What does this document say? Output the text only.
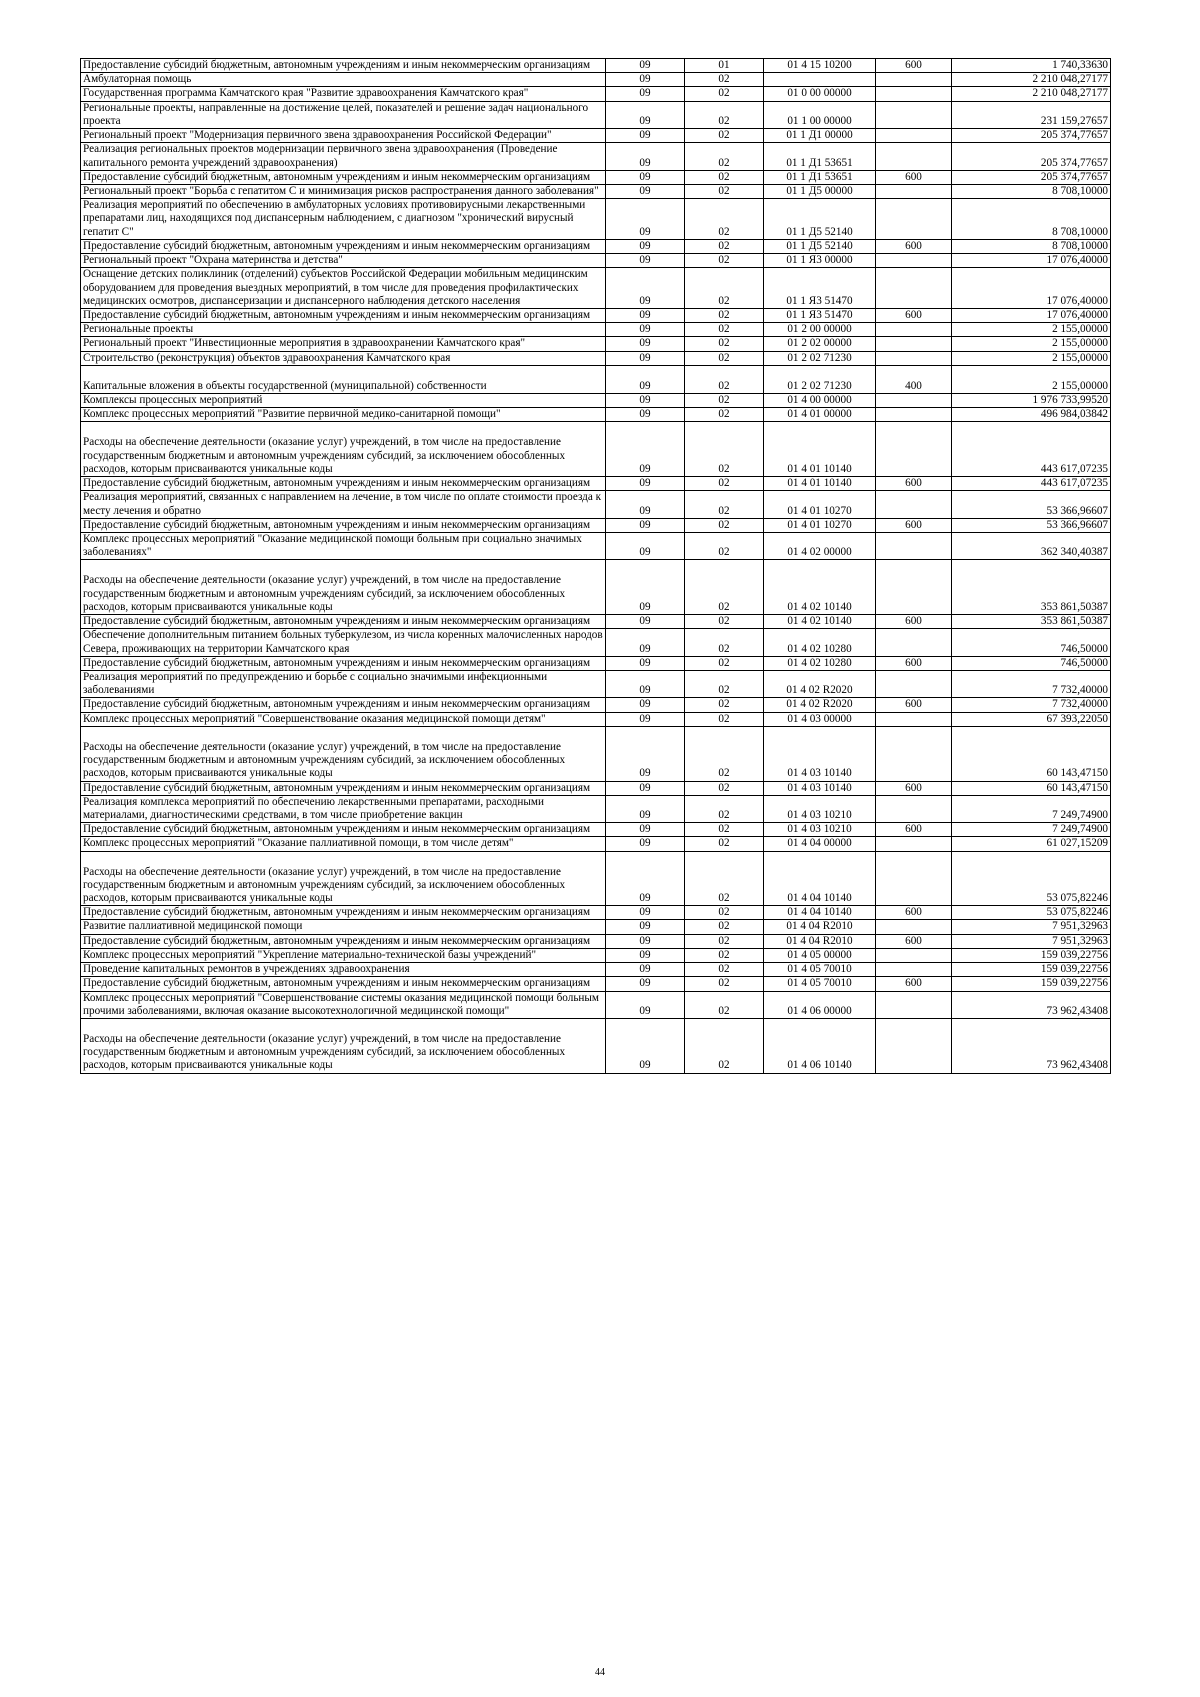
Предоставление субсидий бюджетным, автономным учреждениям и иным некоммерческим организациям	09	01	01 4 15 10200	600	1 740,33630
Амбулаторная помощь	09	02			2 210 048,27177
Государственная программа Камчатского края "Развитие здравоохранения Камчатского края"	09	02	01 0 00 00000		2 210 048,27177
Региональные проекты, направленные на достижение целей, показателей и решение задач национального проекта	09	02	01 1 00 00000		231 159,27657
Региональный проект "Модернизация первичного звена здравоохранения Российской Федерации"	09	02	01 1 Д1 00000		205 374,77657
Реализация региональных проектов модернизации первичного звена здравоохранения (Проведение капитального ремонта учреждений здравоохранения)	09	02	01 1 Д1 53651		205 374,77657
Предоставление субсидий бюджетным, автономным учреждениям и иным некоммерческим организациям	09	02	01 1 Д1 53651	600	205 374,77657
Региональный проект "Борьба с гепатитом С и минимизация рисков распространения данного заболевания"	09	02	01 1 Д5 00000		8 708,10000
Реализация мероприятий по обеспечению в амбулаторных условиях противовирусными лекарственными препаратами лиц, находящихся под диспансерным наблюдением, с диагнозом "хронический вирусный гепатит С"	09	02	01 1 Д5 52140		8 708,10000
Предоставление субсидий бюджетным, автономным учреждениям и иным некоммерческим организациям	09	02	01 1 Д5 52140	600	8 708,10000
Региональный проект "Охрана материнства и детства"	09	02	01 1 Я3 00000		17 076,40000
Оснащение детских поликлиник (отделений) субъектов Российской Федерации мобильным медицинским оборудованием для проведения выездных мероприятий, в том числе для проведения профилактических медицинских осмотров, диспансеризации и диспансерного наблюдения детского населения	09	02	01 1 Я3 51470		17 076,40000
Предоставление субсидий бюджетным, автономным учреждениям и иным некоммерческим организациям	09	02	01 1 Я3 51470	600	17 076,40000
Региональные проекты	09	02	01 2 00 00000		2 155,00000
Региональный проект "Инвестиционные мероприятия в здравоохранении Камчатского края"	09	02	01 2 02 00000		2 155,00000
Строительство (реконструкция) объектов здравоохранения Камчатского края	09	02	01 2 02 71230		2 155,00000
Капитальные вложения в объекты государственной (муниципальной) собственности	09	02	01 2 02 71230	400	2 155,00000
Комплексы процессных мероприятий	09	02	01 4 00 00000		1 976 733,99520
Комплекс процессных мероприятий "Развитие первичной медико-санитарной помощи"	09	02	01 4 01 00000		496 984,03842
Расходы на обеспечение деятельности (оказание услуг) учреждений, в том числе на предоставление государственным бюджетным и автономным учреждениям субсидий, за исключением обособленных расходов, которым присваиваются уникальные коды	09	02	01 4 01 10140		443 617,07235
Предоставление субсидий бюджетным, автономным учреждениям и иным некоммерческим организациям	09	02	01 4 01 10140	600	443 617,07235
Реализация мероприятий, связанных с направлением на лечение, в том числе по оплате стоимости проезда к месту лечения и обратно	09	02	01 4 01 10270		53 366,96607
Предоставление субсидий бюджетным, автономным учреждениям и иным некоммерческим организациям	09	02	01 4 01 10270	600	53 366,96607
Комплекс процессных мероприятий "Оказание медицинской помощи больным при социально значимых заболеваниях"	09	02	01 4 02 00000		362 340,40387
Расходы на обеспечение деятельности (оказание услуг) учреждений, в том числе на предоставление государственным бюджетным и автономным учреждениям субсидий, за исключением обособленных расходов, которым присваиваются уникальные коды	09	02	01 4 02 10140		353 861,50387
Предоставление субсидий бюджетным, автономным учреждениям и иным некоммерческим организациям	09	02	01 4 02 10140	600	353 861,50387
Обеспечение дополнительным питанием больных туберкулезом, из числа коренных малочисленных народов Севера, проживающих на территории Камчатского края	09	02	01 4 02 10280		746,50000
Предоставление субсидий бюджетным, автономным учреждениям и иным некоммерческим организациям	09	02	01 4 02 10280	600	746,50000
Реализация мероприятий по предупреждению и борьбе с социально значимыми инфекционными заболеваниями	09	02	01 4 02 R2020		7 732,40000
Предоставление субсидий бюджетным, автономным учреждениям и иным некоммерческим организациям	09	02	01 4 02 R2020	600	7 732,40000
Комплекс процессных мероприятий "Совершенствование оказания медицинской помощи детям"	09	02	01 4 03 00000		67 393,22050
Расходы на обеспечение деятельности (оказание услуг) учреждений, в том числе на предоставление государственным бюджетным и автономным учреждениям субсидий, за исключением обособленных расходов, которым присваиваются уникальные коды	09	02	01 4 03 10140		60 143,47150
Предоставление субсидий бюджетным, автономным учреждениям и иным некоммерческим организациям	09	02	01 4 03 10140	600	60 143,47150
Реализация комплекса мероприятий по обеспечению лекарственными препаратами, расходными материалами, диагностическими средствами, в том числе приобретение вакцин	09	02	01 4 03 10210		7 249,74900
Предоставление субсидий бюджетным, автономным учреждениям и иным некоммерческим организациям	09	02	01 4 03 10210	600	7 249,74900
Комплекс процессных мероприятий "Оказание паллиативной помощи, в том числе детям"	09	02	01 4 04 00000		61 027,15209
Расходы на обеспечение деятельности (оказание услуг) учреждений, в том числе на предоставление государственным бюджетным и автономным учреждениям субсидий, за исключением обособленных расходов, которым присваиваются уникальные коды	09	02	01 4 04 10140		53 075,82246
Предоставление субсидий бюджетным, автономным учреждениям и иным некоммерческим организациям	09	02	01 4 04 10140	600	53 075,82246
Развитие паллиативной медицинской помощи	09	02	01 4 04 R2010		7 951,32963
Предоставление субсидий бюджетным, автономным учреждениям и иным некоммерческим организациям	09	02	01 4 04 R2010	600	7 951,32963
Комплекс процессных мероприятий "Укрепление материально-технической базы учреждений"	09	02	01 4 05 00000		159 039,22756
Проведение капитальных ремонтов в учреждениях здравоохранения	09	02	01 4 05 70010		159 039,22756
Предоставление субсидий бюджетным, автономным учреждениям и иным некоммерческим организациям	09	02	01 4 05 70010	600	159 039,22756
Комплекс процессных мероприятий "Совершенствование системы оказания медицинской помощи больным прочими заболеваниями, включая оказание высокотехнологичной медицинской помощи"	09	02	01 4 06 00000		73 962,43408
Расходы на обеспечение деятельности (оказание услуг) учреждений, в том числе на предоставление государственным бюджетным и автономным учреждениям субсидий, за исключением обособленных расходов, которым присваиваются уникальные коды	09	02	01 4 06 10140		73 962,43408
44
